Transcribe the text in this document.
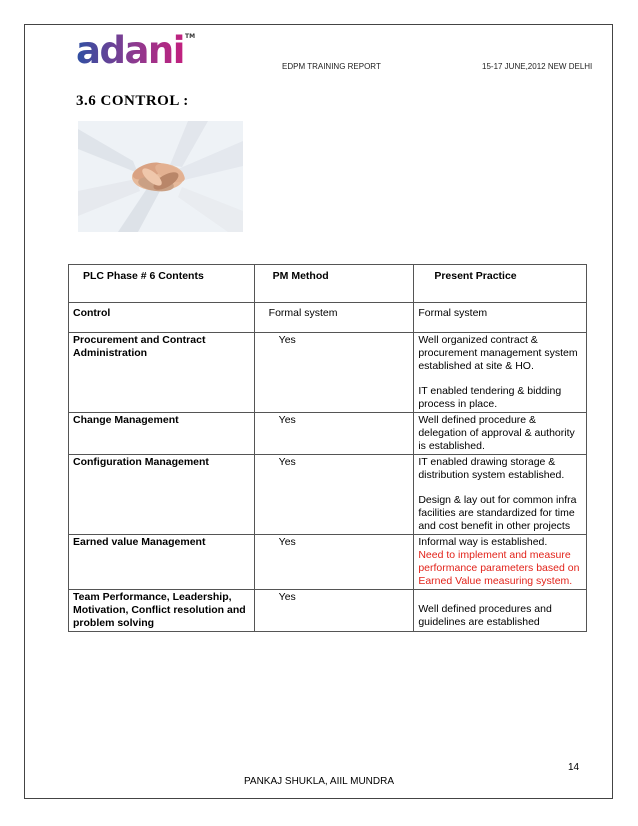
adani ™
EDPM TRAINING REPORT	15-17 JUNE,2012 NEW DELHI
3.6 CONTROL :
PLC Phase # 6 Contents	PM Method	Present Practice
Control	Formal system	Formal system
Procurement and Contract Administration	Yes	Well organized contract & procurement management system established at site & HO.
IT enabled tendering & bidding process in place.

Change Management	Yes	Well defined procedure & delegation of approval & authority is established.
Configuration Management	Yes	IT enabled drawing storage & distribution system established.
Design & lay out for common infra facilities are standardized for time and cost benefit in other projects

Earned value Management	Yes	Informal way is established.
Need to implement and measure performance parameters based on Earned Value measuring system.

Team Performance, Leadership, Motivation, Conflict resolution and problem solving	Yes	Well defined procedures and guidelines are established
14
PANKAJ SHUKLA, AIIL MUNDRA
